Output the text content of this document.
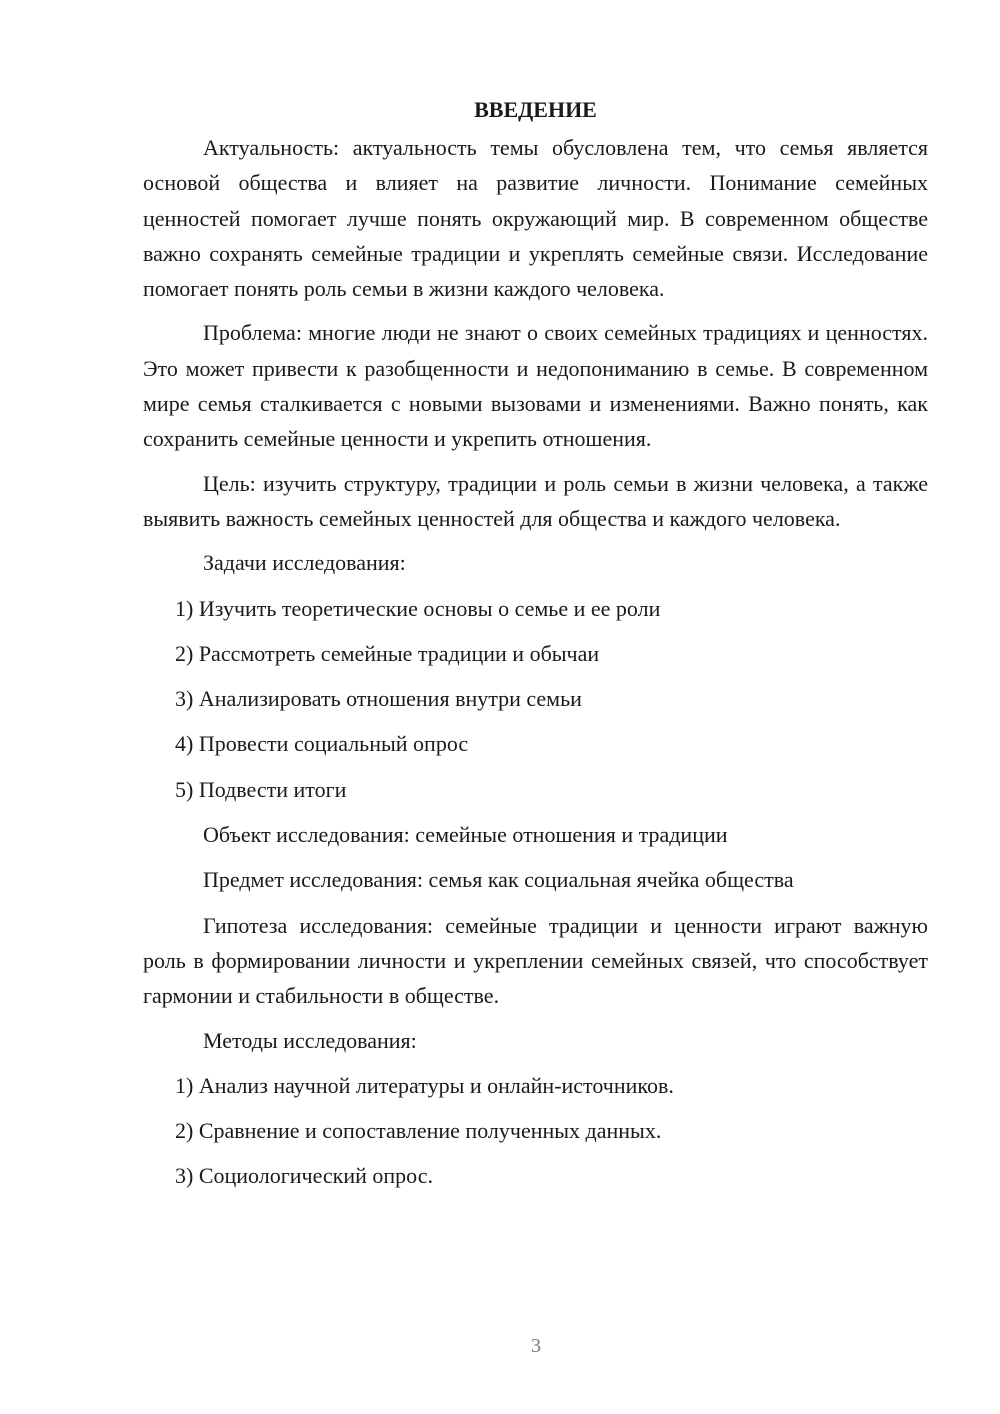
ВВЕДЕНИЕ

Актуальность: актуальность темы обусловлена тем, что семья является основой общества и влияет на развитие личности. Понимание семейных ценностей помогает лучше понять окружающий мир. В современном обществе важно сохранять семейные традиции и укреплять семейные связи. Исследование помогает понять роль семьи в жизни каждого человека.

Проблема: многие люди не знают о своих семейных традициях и ценностях. Это может привести к разобщенности и недопониманию в семье. В современном мире семья сталкивается с новыми вызовами и изменениями. Важно понять, как сохранить семейные ценности и укрепить отношения.

Цель: изучить структуру, традиции и роль семьи в жизни человека, а также выявить важность семейных ценностей для общества и каждого человека.

Задачи исследования:
1) Изучить теоретические основы о семье и ее роли
2) Рассмотреть семейные традиции и обычаи
3) Анализировать отношения внутри семьи
4) Провести социальный опрос
5) Подвести итоги
Объект исследования: семейные отношения и традиции
Предмет исследования: семья как социальная ячейка общества

Гипотеза исследования: семейные традиции и ценности играют важную роль в формировании личности и укреплении семейных связей, что способствует гармонии и стабильности в обществе.

Методы исследования:
1) Анализ научной литературы и онлайн-источников.
2) Сравнение и сопоставление полученных данных.
3) Социологический опрос.
3
